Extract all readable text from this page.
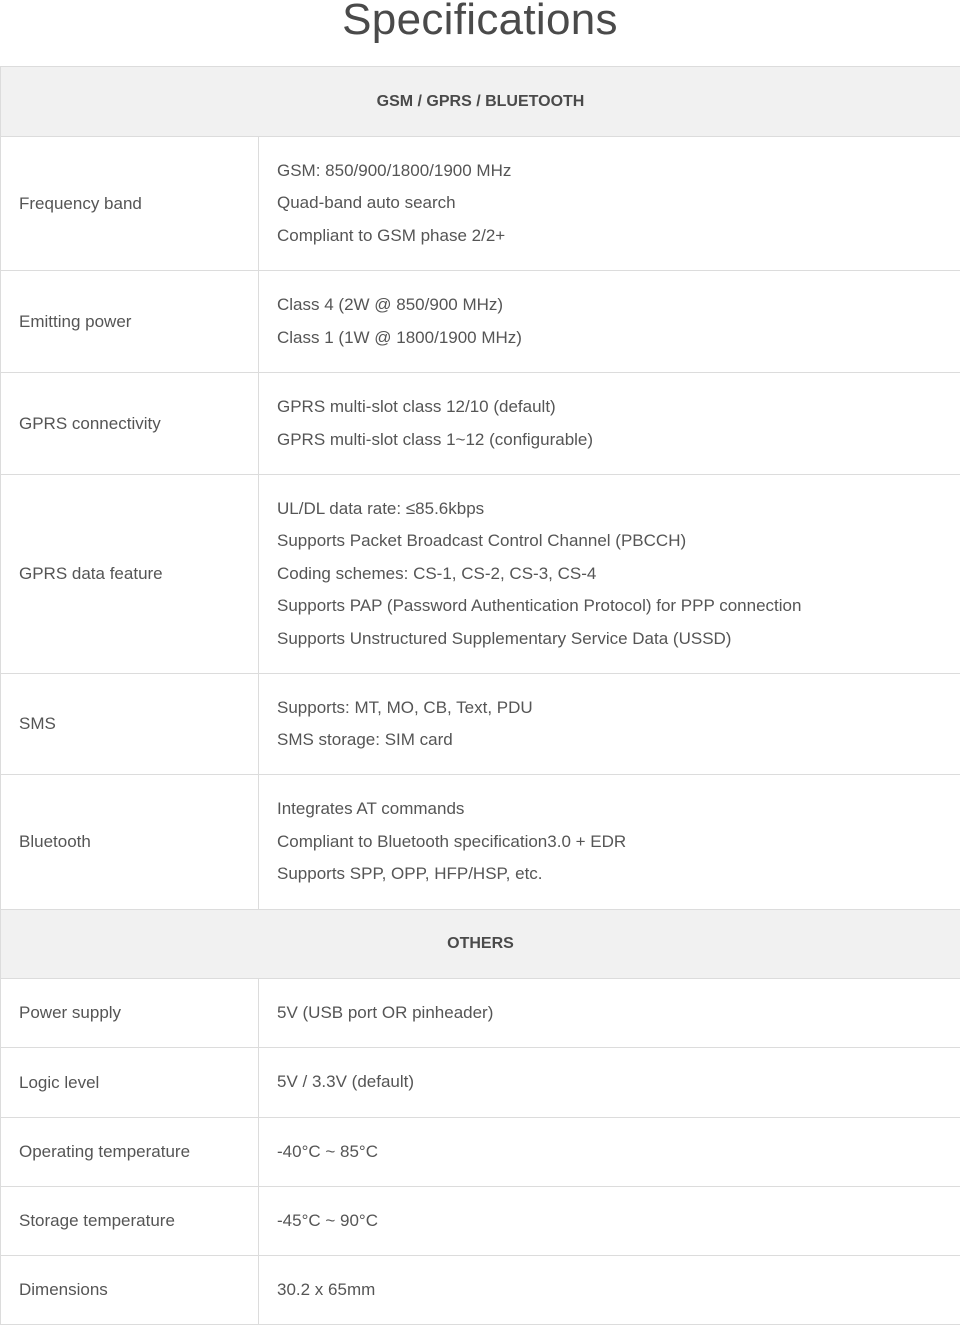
Specifications
GSM / GPRS / BLUETOOTH	
Frequency band	GSM: 850/900/1800/1900 MHz
Quad-band auto search
Compliant to GSM phase 2/2+

Emitting power	Class 4 (2W @ 850/900 MHz)
Class 1 (1W @ 1800/1900 MHz)

GPRS connectivity	GPRS multi-slot class 12/10 (default)
GPRS multi-slot class 1~12 (configurable)

GPRS data feature	UL/DL data rate: ≤85.6kbps
Supports Packet Broadcast Control Channel (PBCCH)
Coding schemes: CS-1, CS-2, CS-3, CS-4
Supports PAP (Password Authentication Protocol) for PPP connection
Supports Unstructured Supplementary Service Data (USSD)

SMS	Supports: MT, MO, CB, Text, PDU
SMS storage: SIM card

Bluetooth	Integrates AT commands
Compliant to Bluetooth specification3.0 + EDR
Supports SPP, OPP, HFP/HSP, etc.

OTHERS	
Power supply	5V (USB port OR pinheader)

Logic level	5V / 3.3V (default)

Operating temperature	-40°C ~ 85°C

Storage temperature	-45°C ~ 90°C

Dimensions	30.2 x 65mm
